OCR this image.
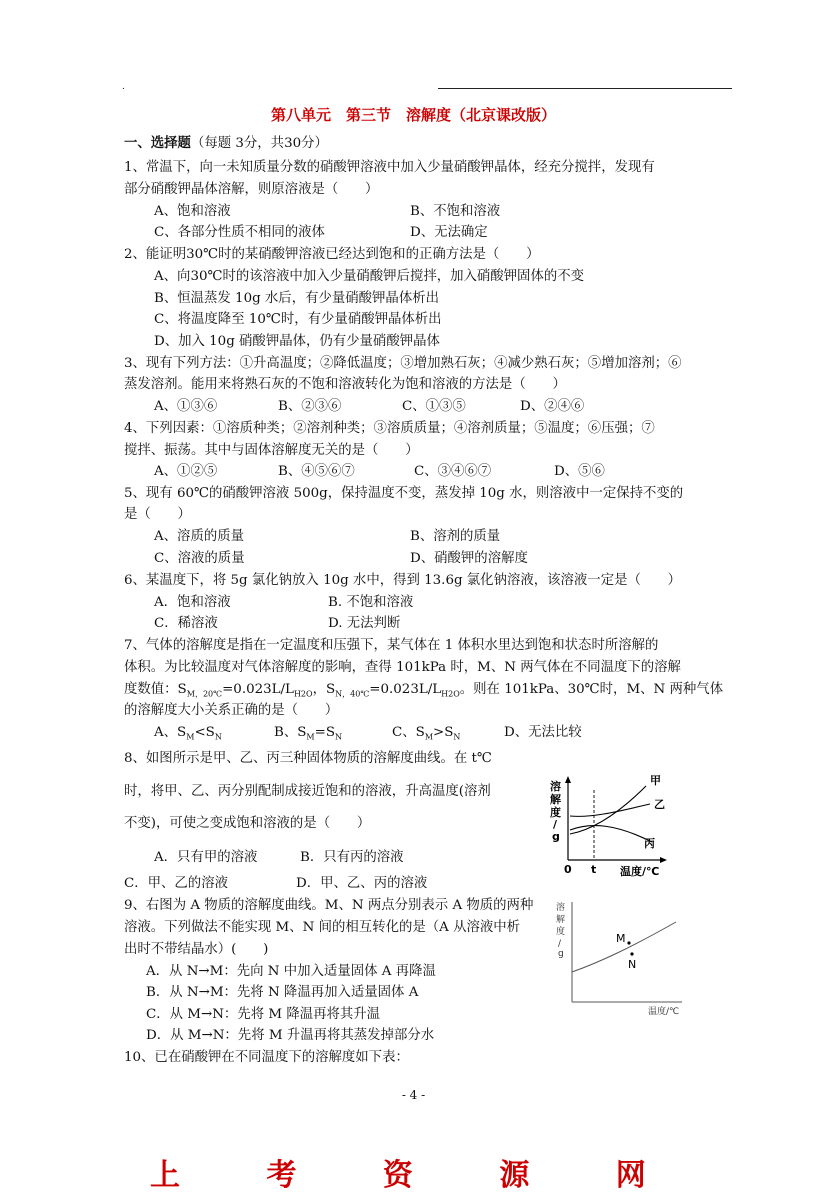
.
第八单元　第三节　溶解度（北京课改版）
一、选择题（每题 3分，共30分）
1、常温下，向一未知质量分数的硝酸钾溶液中加入少量硝酸钾晶体，经充分搅拌，发现有
部分硝酸钾晶体溶解，则原溶液是（　　）
A、饱和溶液	B、不饱和溶液
C、各部分性质不相同的液体	D、无法确定
2、能证明30℃时的某硝酸钾溶液已经达到饱和的正确方法是（　　）
A、向30℃时的该溶液中加入少量硝酸钾后搅拌，加入硝酸钾固体的不变
B、恒温蒸发 10g 水后，有少量硝酸钾晶体析出
C、将温度降至 10℃时，有少量硝酸钾晶体析出
D、加入 10g 硝酸钾晶体，仍有少量硝酸钾晶体
3、现有下列方法：①升高温度；②降低温度；③增加熟石灰；④减少熟石灰；⑤增加溶剂；⑥
蒸发溶剂。能用来将熟石灰的不饱和溶液转化为饱和溶液的方法是（　　）
A、①③⑥	B、②③⑥	C、①③⑤	D、②④⑥
4、下列因素：①溶质种类；②溶剂种类；③溶质质量；④溶剂质量；⑤温度；⑥压强；⑦
搅拌、振荡。其中与固体溶解度无关的是（　　）
A、①②⑤	B、④⑤⑥⑦	C、③④⑥⑦	D、⑤⑥
5、现有 60℃的硝酸钾溶液 500g，保持温度不变，蒸发掉 10g 水，则溶液中一定保持不变的
是（　　）
A、溶质的质量	B、溶剂的质量
C、溶液的质量	D、硝酸钾的溶解度
6、某温度下，将 5g 氯化钠放入 10g 水中，得到 13.6g 氯化钠溶液，该溶液一定是（　　）
A．饱和溶液	B. 不饱和溶液
C．稀溶液	D. 无法判断
7、气体的溶解度是指在一定温度和压强下，某气体在 1 体积水里达到饱和状态时所溶解的
体积。为比较温度对气体溶解度的影响，查得 101kPa 时，M、N 两气体在不同温度下的溶解
度数值：$S_{M,20℃}=0.023L/L_{H2O}$，$S_{N,40℃}=0.023L/L_{H2O}$。则在 101kPa、30℃时，M、N 两种气体
的溶解度大小关系正确的是（　　）
A、$S_M<S_N$	B、$S_M=S_N$	C、$S_M>S_N$	D、无法比较
8、如图所示是甲、乙、丙三种固体物质的溶解度曲线。在 t℃
时，将甲、乙、丙分别配制成接近饱和的溶液，升高温度(溶剂
不变)，可使之变成饱和溶液的是（　　）
A．只有甲的溶液	B．只有丙的溶液
C．甲、乙的溶液	D．甲、乙、丙的溶液
溶
解
度
/
g
0 t 温度/℃
甲
乙
丙
9、右图为 A 物质的溶解度曲线。M、N 两点分别表示 A 物质的两种
溶液。下列做法不能实现 M、N 间的相互转化的是（A 从溶液中析
出时不带结晶水）(　　)
A．从 N→M：先向 N 中加入适量固体 A 再降温
B．从 N→M：先将 N 降温再加入适量固体 A
C．从 M→N：先将 M 降温再将其升温
D．从 M→N：先将 M 升温再将其蒸发掉部分水
溶
解
度
/
g
温度/℃
M
N
10、已在硝酸钾在不同温度下的溶解度如下表：
- 4 -
上 考 资 源 网
